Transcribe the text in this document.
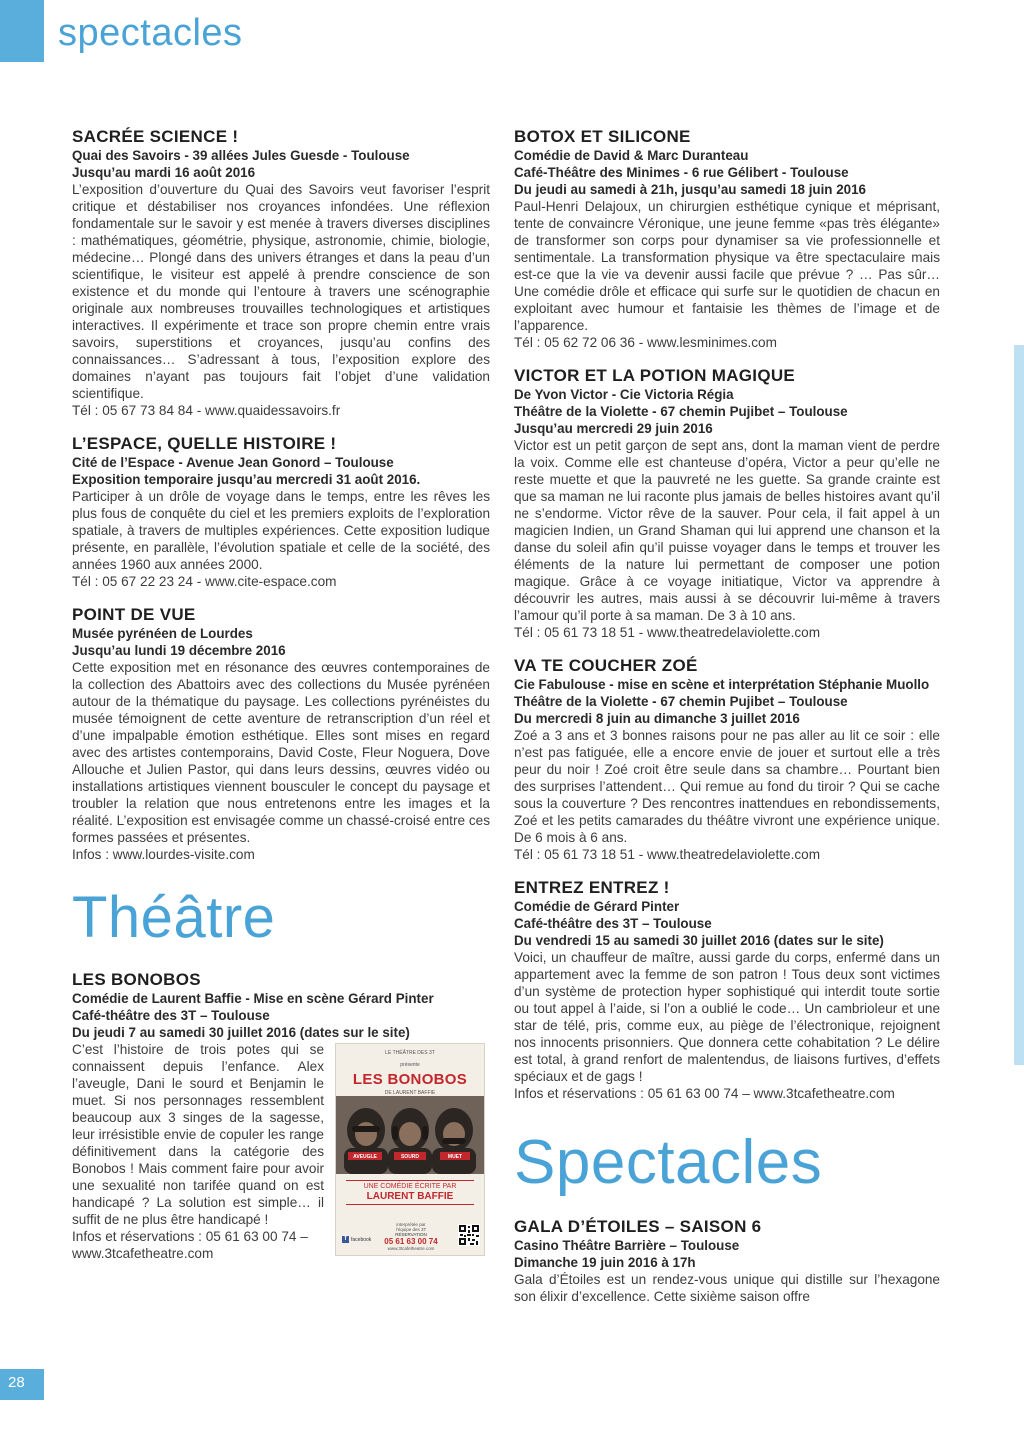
spectacles
SACRÉE SCIENCE !

Quai des Savoirs - 39 allées Jules Guesde - Toulouse

Jusqu’au mardi 16 août 2016

L’exposition d’ouverture du Quai des Savoirs veut favoriser l’esprit critique et déstabiliser nos croyances infondées. Une réflexion fondamentale sur le savoir y est menée à travers diverses disciplines : mathématiques, géométrie, physique, astronomie, chimie, biologie, médecine… Plongé dans des univers étranges et dans la peau d’un scientifique, le visiteur est appelé à prendre conscience de son existence et du monde qui l’entoure à travers une scénographie originale aux nombreuses trouvailles technologiques et artistiques interactives. Il expérimente et trace son propre chemin entre vrais savoirs, superstitions et croyances, jusqu’au confins des connaissances… S’adressant à tous, l’exposition explore des domaines n’ayant pas toujours fait l’objet d’une validation scientifique.

Tél : 05 67 73 84 84 - www.quaidessavoirs.fr

L’ESPACE, QUELLE HISTOIRE !

Cité de l’Espace - Avenue Jean Gonord – Toulouse

Exposition temporaire jusqu’au mercredi 31 août 2016.

Participer à un drôle de voyage dans le temps, entre les rêves les plus fous de conquête du ciel et les premiers exploits de l’exploration spatiale, à travers de multiples expériences. Cette exposition ludique présente, en parallèle, l’évolution spatiale et celle de la société, des années 1960 aux années 2000.

Tél : 05 67 22 23 24 - www.cite-espace.com

POINT DE VUE

Musée pyrénéen de Lourdes

Jusqu’au lundi 19 décembre 2016

Cette exposition met en résonance des œuvres contemporaines de la collection des Abattoirs avec des collections du Musée pyrénéen autour de la thématique du paysage. Les collections pyrénéistes du musée témoignent de cette aventure de retranscription d’un réel et d’une impalpable émotion esthétique. Elles sont mises en regard avec des artistes contemporains, David Coste, Fleur Noguera, Dove Allouche et Julien Pastor, qui dans leurs dessins, œuvres vidéo ou installations artistiques viennent bousculer le concept du paysage et troubler la relation que nous entretenons entre les images et la réalité. L’exposition est envisagée comme un chassé-croisé entre ces formes passées et présentes.

Infos : www.lourdes-visite.com

Théâtre
LES BONOBOS

Comédie de Laurent Baffie - Mise en scène Gérard Pinter

Café-théâtre des 3T – Toulouse

Du jeudi 7 au samedi 30 juillet 2016 (dates sur le site)

C’est l’histoire de trois potes qui se connaissent depuis l’enfance. Alex l’aveugle, Dani le sourd et Benjamin le muet. Si nos personnages ressemblent beaucoup aux 3 singes de la sagesse, leur irrésistible envie de copuler les range définitivement dans la catégorie des Bonobos ! Mais comment faire pour avoir une sexualité non tarifée quand on est handicapé ? La solution est simple… il suffit de ne plus être handicapé !

Infos et réservations : 05 61 63 00 74 – www.3tcafetheatre.com

LE THÉÂTRE DES 3T
présente
LES BONOBOS
DE LAURENT BAFFIE
AVEUGLE	SOURD	MUET
UNE COMÉDIE ÉCRITE PAR
LAURENT BAFFIE
f facebook
interprétée par
l’équipe des 3T
RÉSERVATION
05 61 63 00 74
www.3tcafetheatre.com
BOTOX ET SILICONE

Comédie de David & Marc Duranteau

Café-Théâtre des Minimes - 6 rue Gélibert - Toulouse

Du jeudi au samedi à 21h, jusqu’au samedi 18 juin 2016

Paul-Henri Delajoux, un chirurgien esthétique cynique et méprisant, tente de convaincre Véronique, une jeune femme «pas très élégante» de transformer son corps pour dynamiser sa vie professionnelle et sentimentale. La transformation physique va être spectaculaire mais est-ce que la vie va devenir aussi facile que prévue ? … Pas sûr… Une comédie drôle et efficace qui surfe sur le quotidien de chacun en exploitant avec humour et fantaisie les thèmes de l’image et de l’apparence.

Tél : 05 62 72 06 36 - www.lesminimes.com

VICTOR ET LA POTION MAGIQUE

De Yvon Victor - Cie Victoria Régia

Théâtre de la Violette - 67 chemin Pujibet – Toulouse

Jusqu’au mercredi 29 juin 2016

Victor est un petit garçon de sept ans, dont la maman vient de perdre la voix. Comme elle est chanteuse d’opéra, Victor a peur qu’elle ne reste muette et que la pauvreté ne les guette. Sa grande crainte est que sa maman ne lui raconte plus jamais de belles histoires avant qu’il ne s’endorme. Victor rêve de la sauver. Pour cela, il fait appel à un magicien Indien, un Grand Shaman qui lui apprend une chanson et la danse du soleil afin qu’il puisse voyager dans le temps et trouver les éléments de la nature lui permettant de composer une potion magique. Grâce à ce voyage initiatique, Victor va apprendre à découvrir les autres, mais aussi à se découvrir lui-même à travers l’amour qu’il porte à sa maman. De 3 à 10 ans.

Tél : 05 61 73 18 51 - www.theatredelaviolette.com

VA TE COUCHER ZOÉ

Cie Fabulouse - mise en scène et interprétation Stéphanie Muollo

Théâtre de la Violette - 67 chemin Pujibet – Toulouse

Du mercredi 8 juin au dimanche 3 juillet 2016

Zoé a 3 ans et 3 bonnes raisons pour ne pas aller au lit ce soir : elle n’est pas fatiguée, elle a encore envie de jouer et surtout elle a très peur du noir ! Zoé croit être seule dans sa chambre… Pourtant bien des surprises l’attendent… Qui remue au fond du tiroir ? Qui se cache sous la couverture ? Des rencontres inattendues en rebondissements, Zoé et les petits camarades du théâtre vivront une expérience unique. De 6 mois à 6 ans.

Tél : 05 61 73 18 51 - www.theatredelaviolette.com

ENTREZ ENTREZ !

Comédie de Gérard Pinter

Café-théâtre des 3T – Toulouse

Du vendredi 15 au samedi 30 juillet 2016 (dates sur le site)

Voici, un chauffeur de maître, aussi garde du corps, enfermé dans un appartement avec la femme de son patron ! Tous deux sont victimes d’un système de protection hyper sophistiqué qui interdit toute sortie ou tout appel à l’aide, si l’on a oublié le code… Un cambrioleur et une star de télé, pris, comme eux, au piège de l’électronique, rejoignent nos innocents prisonniers. Que donnera cette cohabitation ? Le délire est total, à grand renfort de malentendus, de liaisons furtives, d’effets spéciaux et de gags !

Infos et réservations : 05 61 63 00 74 – www.3tcafetheatre.com

Spectacles
GALA D’ÉTOILES – SAISON 6

Casino Théâtre Barrière – Toulouse

Dimanche 19 juin 2016 à 17h

Gala d’Étoiles est un rendez-vous unique qui distille sur l’hexagone son élixir d’excellence. Cette sixième saison offre

28
